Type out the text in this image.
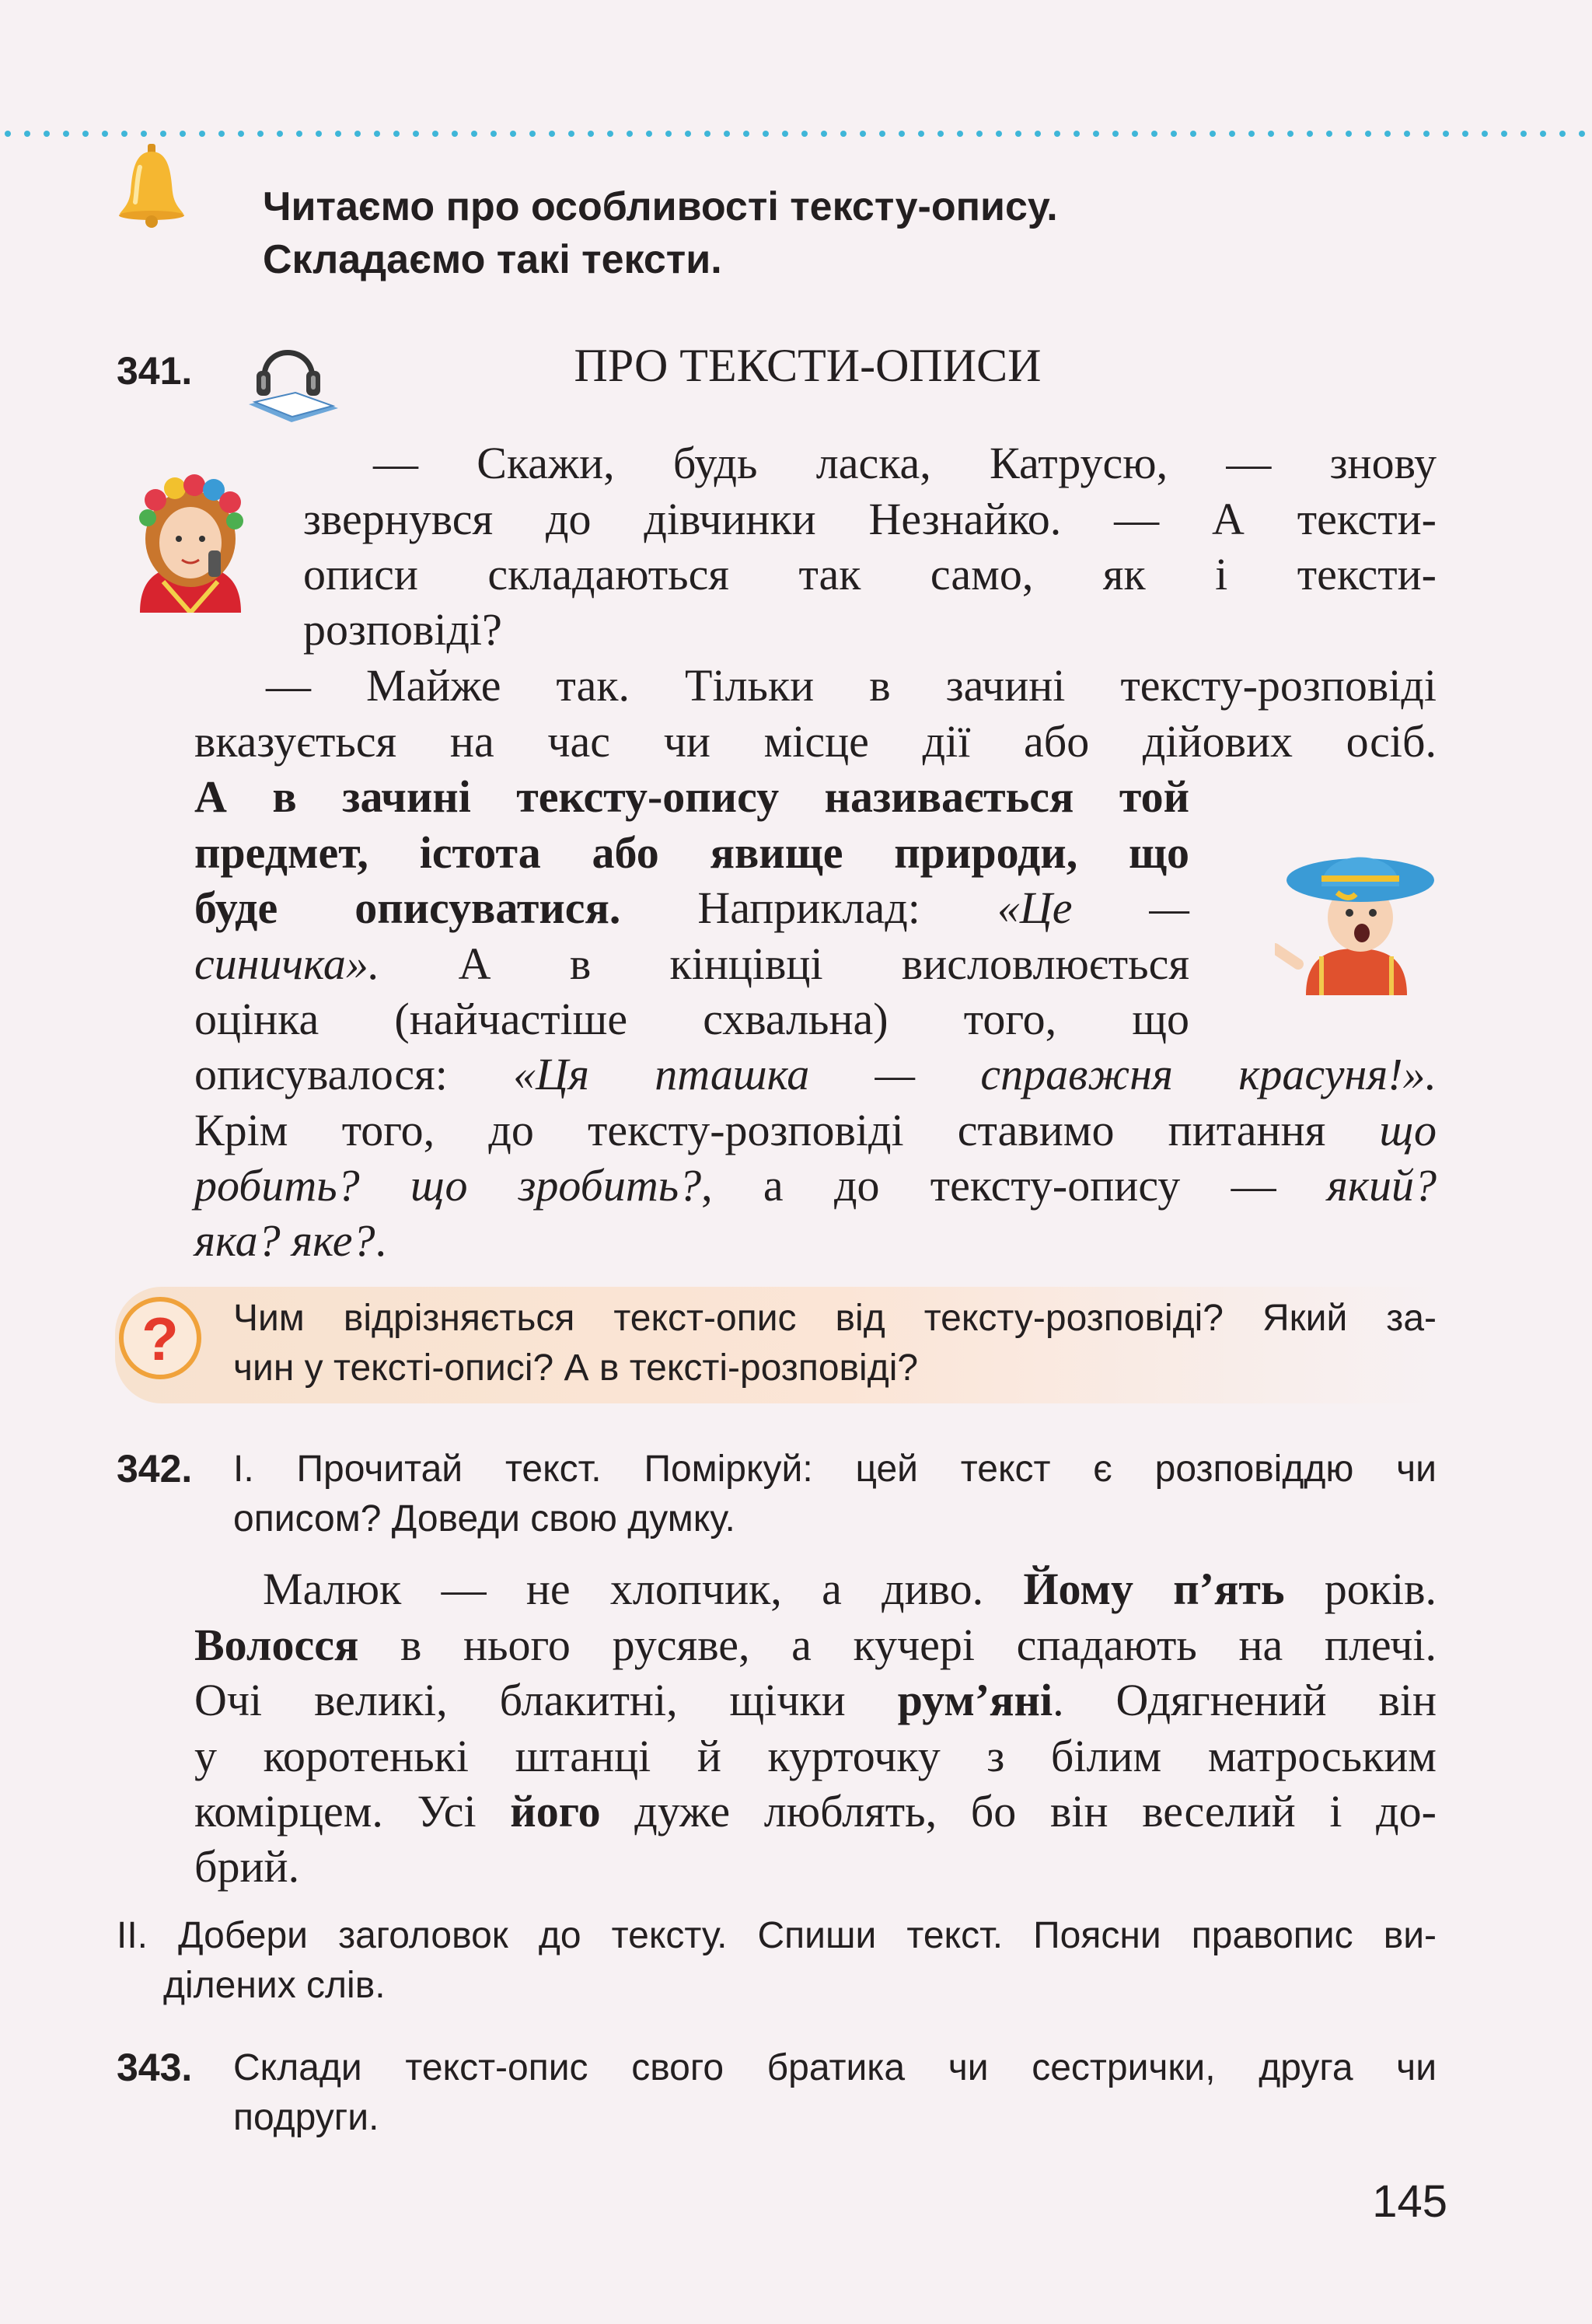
Читаємо про особливості тексту-опису.
Складаємо такі тексти.
341.	ПРО ТЕКСТИ-ОПИСИ

— Скажи, будь ласка, Катрусю, — знову

звернувся до дівчинки Незнайко. — А тексти-

описи складаються так само, як і тексти-

розповіді?

— Майже так. Тільки в зачині тексту-розповіді

вказується на час чи місце дії або дійових осіб.

А в зачині тексту-опису називається той

предмет, істота або явище природи, що

буде описуватися. Наприклад: «Це —

синичка». А в кінцівці висловлюється

оцінка (найчастіше схвальна) того, що

описувалося: «Ця пташка — справжня красуня!».

Крім того, до тексту-розповіді ставимо питання що

робить? що зробить?, а до тексту-опису — який?

яка? яке?.

? Чим відрізняється текст-опис від тексту-розповіді? Який за-
чин у тексті-описі? А в тексті-розповіді?
342. І. Прочитай текст. Поміркуй: цей текст є розповіддю чи
описом? Доведи свою думку.

Малюк — не хлопчик, а диво. Йому п’ять років.

Волосся в нього русяве, а кучері спадають на плечі.

Очі великі, блакитні, щічки рум’яні. Одягнений він

у коротенькі штанці й курточку з білим матроським

комірцем. Усі його дуже люблять, бо він веселий і до-

брий.

ІІ. Добери заголовок до тексту. Спиши текст. Поясни правопис ви-
ділених слів.
343. Склади текст-опис свого братика чи сестрички, друга чи
подруги.
145
